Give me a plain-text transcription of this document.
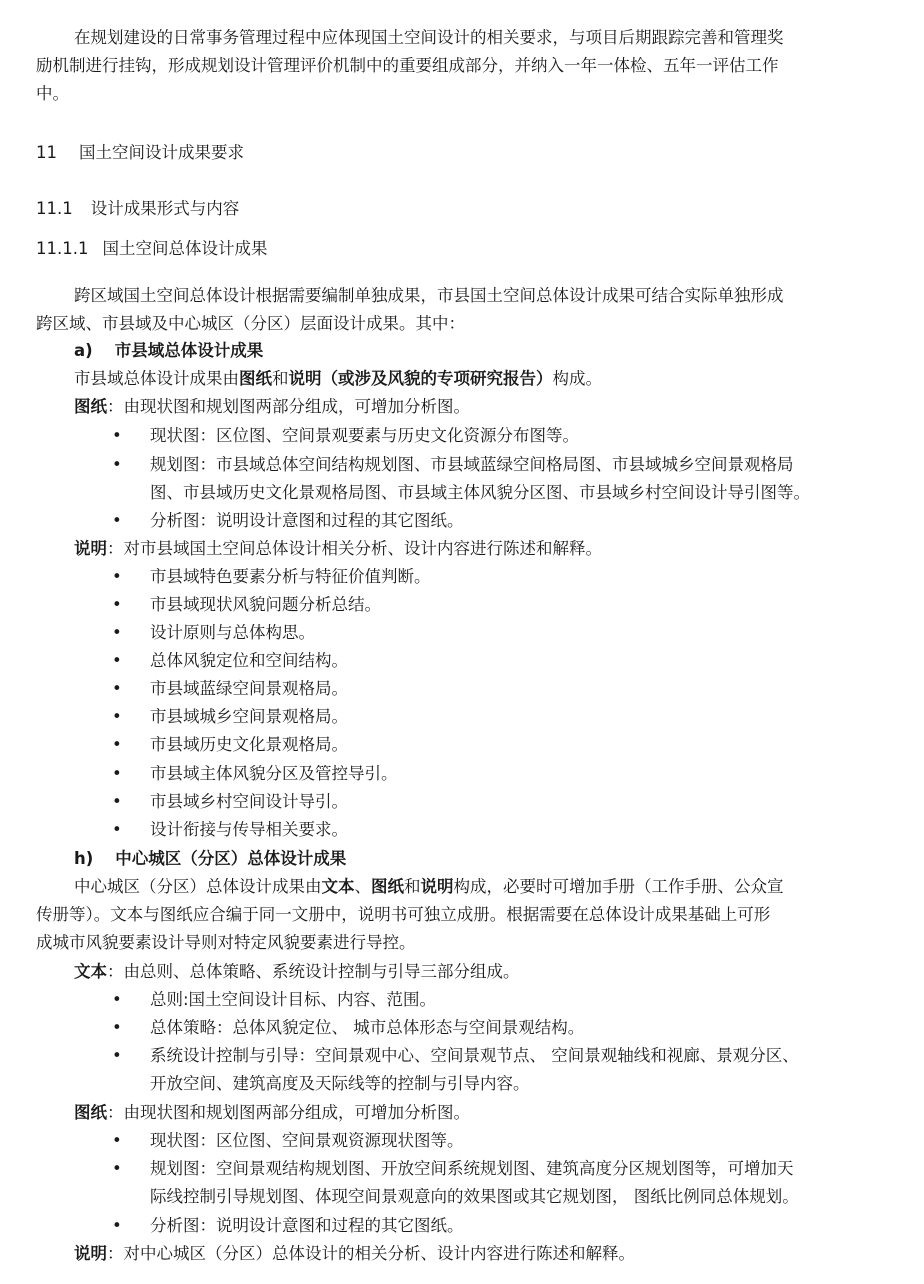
在规划建设的日常事务管理过程中应体现国土空间设计的相关要求，与项目后期跟踪完善和管理奖
励机制进行挂钩，形成规划设计管理评价机制中的重要组成部分，并纳入一年一体检、五年一评估工作
中。
11 国土空间设计成果要求
11.1 设计成果形式与内容
11.1.1 国土空间总体设计成果
跨区域国土空间总体设计根据需要编制单独成果，市县国土空间总体设计成果可结合实际单独形成
跨区域、市县域及中心城区（分区）层面设计成果。其中：
a) 市县域总体设计成果
市县域总体设计成果由图纸和说明（或涉及风貌的专项研究报告）构成。
图纸：由现状图和规划图两部分组成，可增加分析图。
• 现状图：区位图、空间景观要素与历史文化资源分布图等。
• 规划图：市县域总体空间结构规划图、市县域蓝绿空间格局图、市县域城乡空间景观格局
图、市县域历史文化景观格局图、市县域主体风貌分区图、市县域乡村空间设计导引图等。
• 分析图：说明设计意图和过程的其它图纸。
说明：对市县域国土空间总体设计相关分析、设计内容进行陈述和解释。
• 市县域特色要素分析与特征价值判断。
• 市县域现状风貌问题分析总结。
• 设计原则与总体构思。
• 总体风貌定位和空间结构。
• 市县域蓝绿空间景观格局。
• 市县域城乡空间景观格局。
• 市县域历史文化景观格局。
• 市县域主体风貌分区及管控导引。
• 市县域乡村空间设计导引。
• 设计衔接与传导相关要求。
h) 中心城区（分区）总体设计成果
中心城区（分区）总体设计成果由文本、图纸和说明构成，必要时可增加手册（工作手册、公众宣
传册等）。文本与图纸应合编于同一文册中，说明书可独立成册。根据需要在总体设计成果基础上可形
成城市风貌要素设计导则对特定风貌要素进行导控。
文本：由总则、总体策略、系统设计控制与引导三部分组成。
• 总则:国土空间设计目标、内容、范围。
• 总体策略：总体风貌定位、 城市总体形态与空间景观结构。
• 系统设计控制与引导：空间景观中心、空间景观节点、 空间景观轴线和视廊、景观分区、
开放空间、建筑高度及天际线等的控制与引导内容。
图纸：由现状图和规划图两部分组成，可增加分析图。
• 现状图：区位图、空间景观资源现状图等。
• 规划图：空间景观结构规划图、开放空间系统规划图、建筑高度分区规划图等，可增加天
际线控制引导规划图、体现空间景观意向的效果图或其它规划图， 图纸比例同总体规划。
• 分析图：说明设计意图和过程的其它图纸。
说明：对中心城区（分区）总体设计的相关分析、设计内容进行陈述和解释。
